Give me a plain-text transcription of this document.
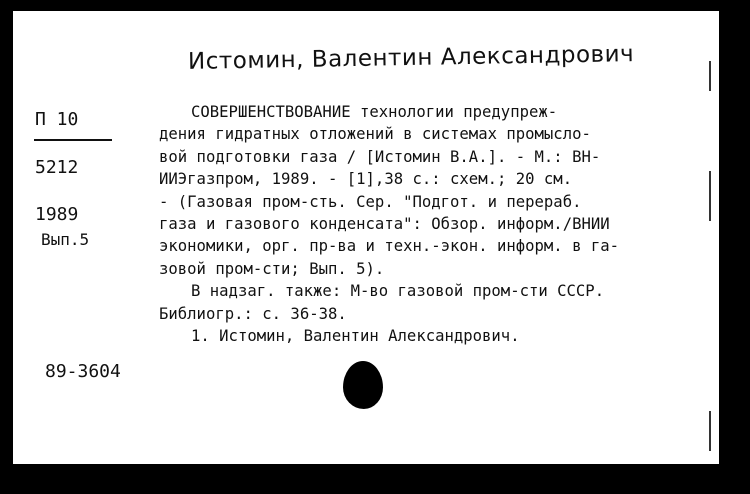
Истомин, Валентин Александрович
П 10
5212
1989
Вып.5
89-3604
СОВЕРШЕНСТВОВАНИЕ технологии предупреж-
дения гидратных отложений в системах промысло-
вой подготовки газа / [Истомин В.А.]. - М.: ВН-
ИИЭгазпром, 1989. - [1],38 с.: схем.; 20 см.
- (Газовая пром-сть. Сер. "Подгот. и перераб.
газа и газового конденсата": Обзор. информ./ВНИИ
экономики, орг. пр-ва и техн.-экон. информ. в га-
зовой пром-сти; Вып. 5).
В надзаг. также: М-во газовой пром-сти СССР.
Библиогр.: с. 36-38.
1. Истомин, Валентин Александрович.
